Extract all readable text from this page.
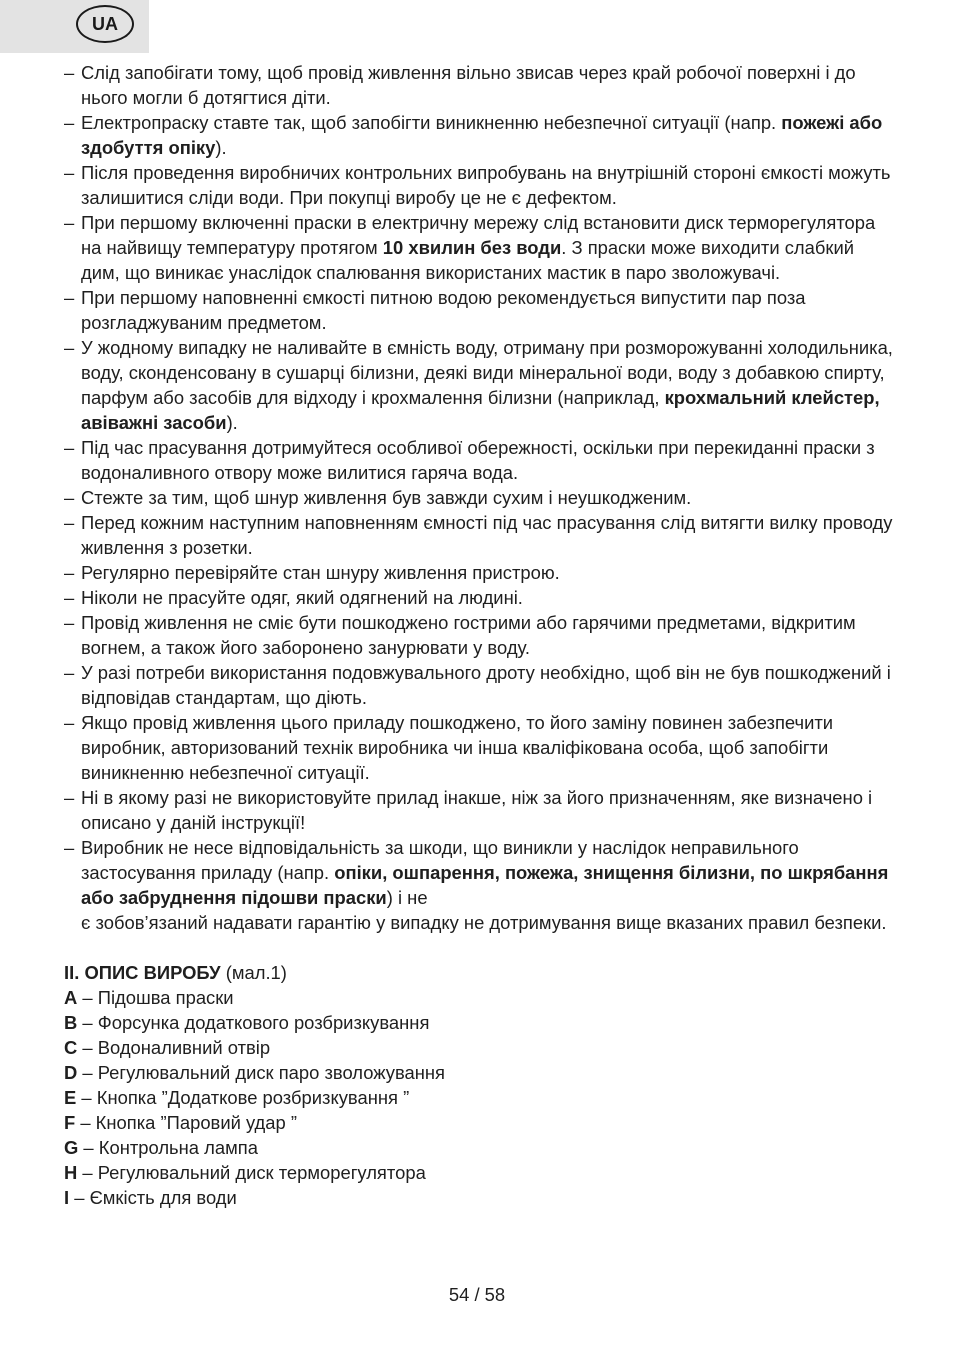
UA
– Слід запобігати тому, щоб провід живлення вільно звисав через край робочої поверхні і до нього могли б дотягтися діти.
– Електропраску ставте так, щоб запобігти виникненню небезпечної ситуації (напр. пожежі або здобуття опіку).
– Після проведення виробничих контрольних випробувань на внутрішній стороні ємкості можуть залишитися сліди води. При покупці виробу це не є дефектом.
– При першому включенні праски в електричну мережу слід встановити диск терморегулятора на найвищу температуру протягом 10 хвилин без води. З праски може виходити слабкий дим, що виникає унаслідок спалювання використаних мастик в паро зволожувачі.
– При першому наповненні ємкості питною водою рекомендується випустити пар поза розгладжуваним предметом.
– У жодному випадку не наливайте в ємність воду, отриману при розморожуванні холодильника, воду, сконденсовану в сушарці білизни, деякі види мінеральної води, воду з добавкою спирту, парфум або засобів для відходу і крохмалення білизни (наприклад, крохмальний клейстер, авіважні засоби).
– Під час прасування дотримуйтеся особливої обережності, оскільки при перекиданні праски з водоналивного отвору може вилитися гаряча вода.
– Стежте за тим, щоб шнур живлення був завжди сухим і неушкодженим.
– Перед кожним наступним наповненням ємності під час прасування слід витягти вилку проводу живлення з розетки.
– Регулярно перевіряйте стан шнуру живлення пристрою.
– Ніколи не прасуйте одяг, який одягнений на людині.
– Провід живлення не сміє бути пошкоджено гострими або гарячими предметами, відкритим вогнем, а також його заборонено занурювати у воду.
– У разі потреби використання подовжувального дроту необхідно, щоб він не був пошкоджений і відповідав стандартам, що діють.
– Якщо провід живлення цього приладу пошкоджено, то його заміну повинен забезпечити виробник, авторизований технік виробника чи інша кваліфікована особа, щоб запобігти виникненню небезпечної ситуації.
– Ні в якому разі не використовуйте прилад інакше, ніж за його призначенням, яке визначено і описано у даній інструкції!
– Виробник не несе відповідальність за шкоди, що виникли у наслідок неправильного застосування приладу (напр. опіки, ошпарення, пожежа, знищення білизни, по шкрябання або забруднення підошви праски) і не
є зобов’язаний надавати гарантію у випадку не дотримування вище вказаних правил безпеки.
II. ОПИС ВИРОБУ (мал.1)
A – Підошва праски
B – Форсунка додаткового розбризкування
C – Водоналивний отвір
D – Регулювальний диск паро зволожування
E – Кнопка ”Додаткове розбризкування ”
F – Кнопка ”Паровий удар ”
G – Контрольна лампа
H – Регулювальний диск терморегулятора
I – Ємкість для води
54 / 58
